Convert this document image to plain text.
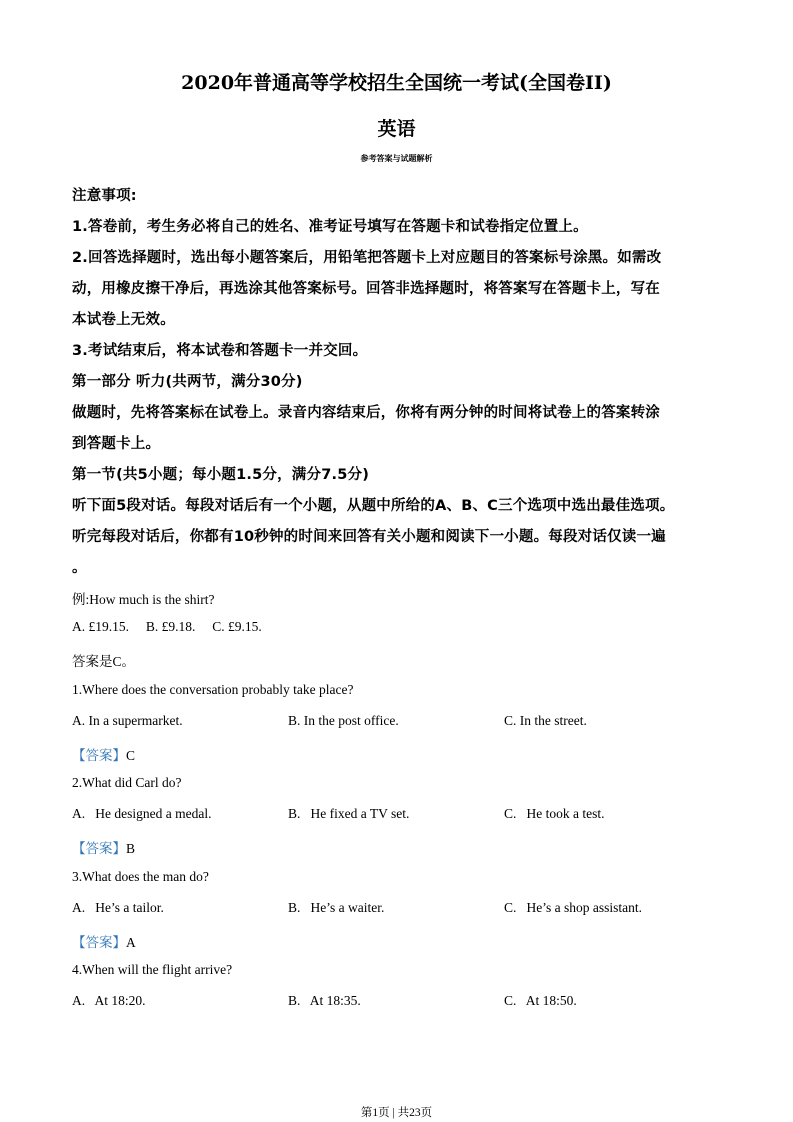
2020年普通高等学校招生全国统一考试(全国卷II)
英语
参考答案与试题解析
注意事项:
1.答卷前，考生务必将自己的姓名、准考证号填写在答题卡和试卷指定位置上。
2.回答选择题时，选出每小题答案后，用铅笔把答题卡上对应题目的答案标号涂黑。如需改
动，用橡皮擦干净后，再选涂其他答案标号。回答非选择题时，将答案写在答题卡上，写在
本试卷上无效。
3.考试结束后，将本试卷和答题卡一并交回。
第一部分 听力(共两节，满分30分)
做题时，先将答案标在试卷上。录音内容结束后，你将有两分钟的时间将试卷上的答案转涂
到答题卡上。
第一节(共5小题；每小题1.5分，满分7.5分)
听下面5段对话。每段对话后有一个小题，从题中所给的A、B、C三个选项中选出最佳选项。
听完每段对话后，你都有10秒钟的时间来回答有关小题和阅读下一小题。每段对话仅读一遍
。
例:How much is the shirt?
A. £19.15.     B. £9.18.     C. £9.15.
答案是C。
1.Where does the conversation probably take place?
A. In a supermarket.	B. In the post office.	C. In the street.
【答案】C
2.What did Carl do?
A.   He designed a medal.	B.   He fixed a TV set.	C.   He took a test.
【答案】B
3.What does the man do?
A.   He’s a tailor.	B.   He’s a waiter.	C.   He’s a shop assistant.
【答案】A
4.When will the flight arrive?
A.   At 18:20.	B.   At 18:35.	C.   At 18:50.
第1页 | 共23页
